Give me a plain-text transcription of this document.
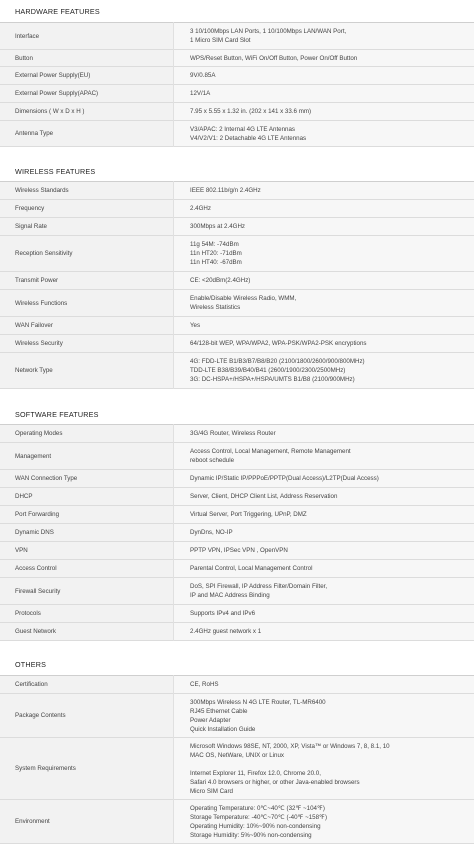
HARDWARE FEATURES
Interface	3 10/100Mbps LAN Ports, 1 10/100Mbps LAN/WAN Port,
1 Micro SIM Card Slot

Button	WPS/Reset Button, WiFi On/Off Button, Power On/Off Button

External Power Supply(EU)	9V/0.85A

External Power Supply(APAC)	12V/1A

Dimensions ( W x D x H )	7.95 x 5.55 x 1.32 in. (202 x 141 x 33.6 mm)

Antenna Type	V3/APAC: 2 Internal 4G LTE Antennas
V4/V2/V1: 2 Detachable 4G LTE Antennas
WIRELESS FEATURES
Wireless Standards	IEEE 802.11b/g/n 2.4GHz

Frequency	2.4GHz

Signal Rate	300Mbps at 2.4GHz

Reception Sensitivity	11g 54M: -74dBm
11n HT20: -71dBm
11n HT40: -67dBm

Transmit Power	CE: <20dBm(2.4GHz)

Wireless Functions	Enable/Disable Wireless Radio, WMM,
Wireless Statistics

WAN Failover	Yes

Wireless Security	64/128-bit WEP, WPA/WPA2, WPA-PSK/WPA2-PSK encryptions

Network Type	4G: FDD-LTE B1/B3/B7/B8/B20 (2100/1800/2600/900/800MHz)
TDD-LTE B38/B39/B40/B41 (2600/1900/2300/2500MHz)
3G: DC-HSPA+/HSPA+/HSPA/UMTS B1/B8 (2100/900MHz)
SOFTWARE FEATURES
Operating Modes	3G/4G Router, Wireless Router

Management	Access Control, Local Management, Remote Management
reboot schedule

WAN Connection Type	Dynamic IP/Static IP/PPPoE/PPTP(Dual Access)/L2TP(Dual Access)

DHCP	Server, Client, DHCP Client List, Address Reservation

Port Forwarding	Virtual Server, Port Triggering, UPnP, DMZ

Dynamic DNS	DynDns, NO-IP

VPN	PPTP VPN, IPSec VPN , OpenVPN

Access Control	Parental Control, Local Management Control

Firewall Security	DoS, SPI Firewall, IP Address Filter/Domain Filter,
IP and MAC Address Binding

Protocols	Supports IPv4 and IPv6

Guest Network	2.4GHz guest network x 1
OTHERS
Certification	CE, RoHS

Package Contents	300Mbps Wireless N 4G LTE Router, TL-MR6400
RJ45 Ethernet Cable
Power Adapter
Quick Installation Guide

System Requirements	Microsoft Windows 98SE, NT, 2000, XP, Vista™ or Windows 7, 8, 8.1, 10
MAC OS, NetWare, UNIX or Linux
Internet Explorer 11, Firefox 12.0, Chrome 20.0,
Safari 4.0 browsers or higher, or other Java-enabled browsers
Micro SIM Card

Environment	Operating Temperature: 0℃~40℃ (32℉ ~104℉)
Storage Temperature: -40℃~70℃ (-40℉ ~158℉)
Operating Humidity: 10%~90% non-condensing
Storage Humidity: 5%~90% non-condensing
